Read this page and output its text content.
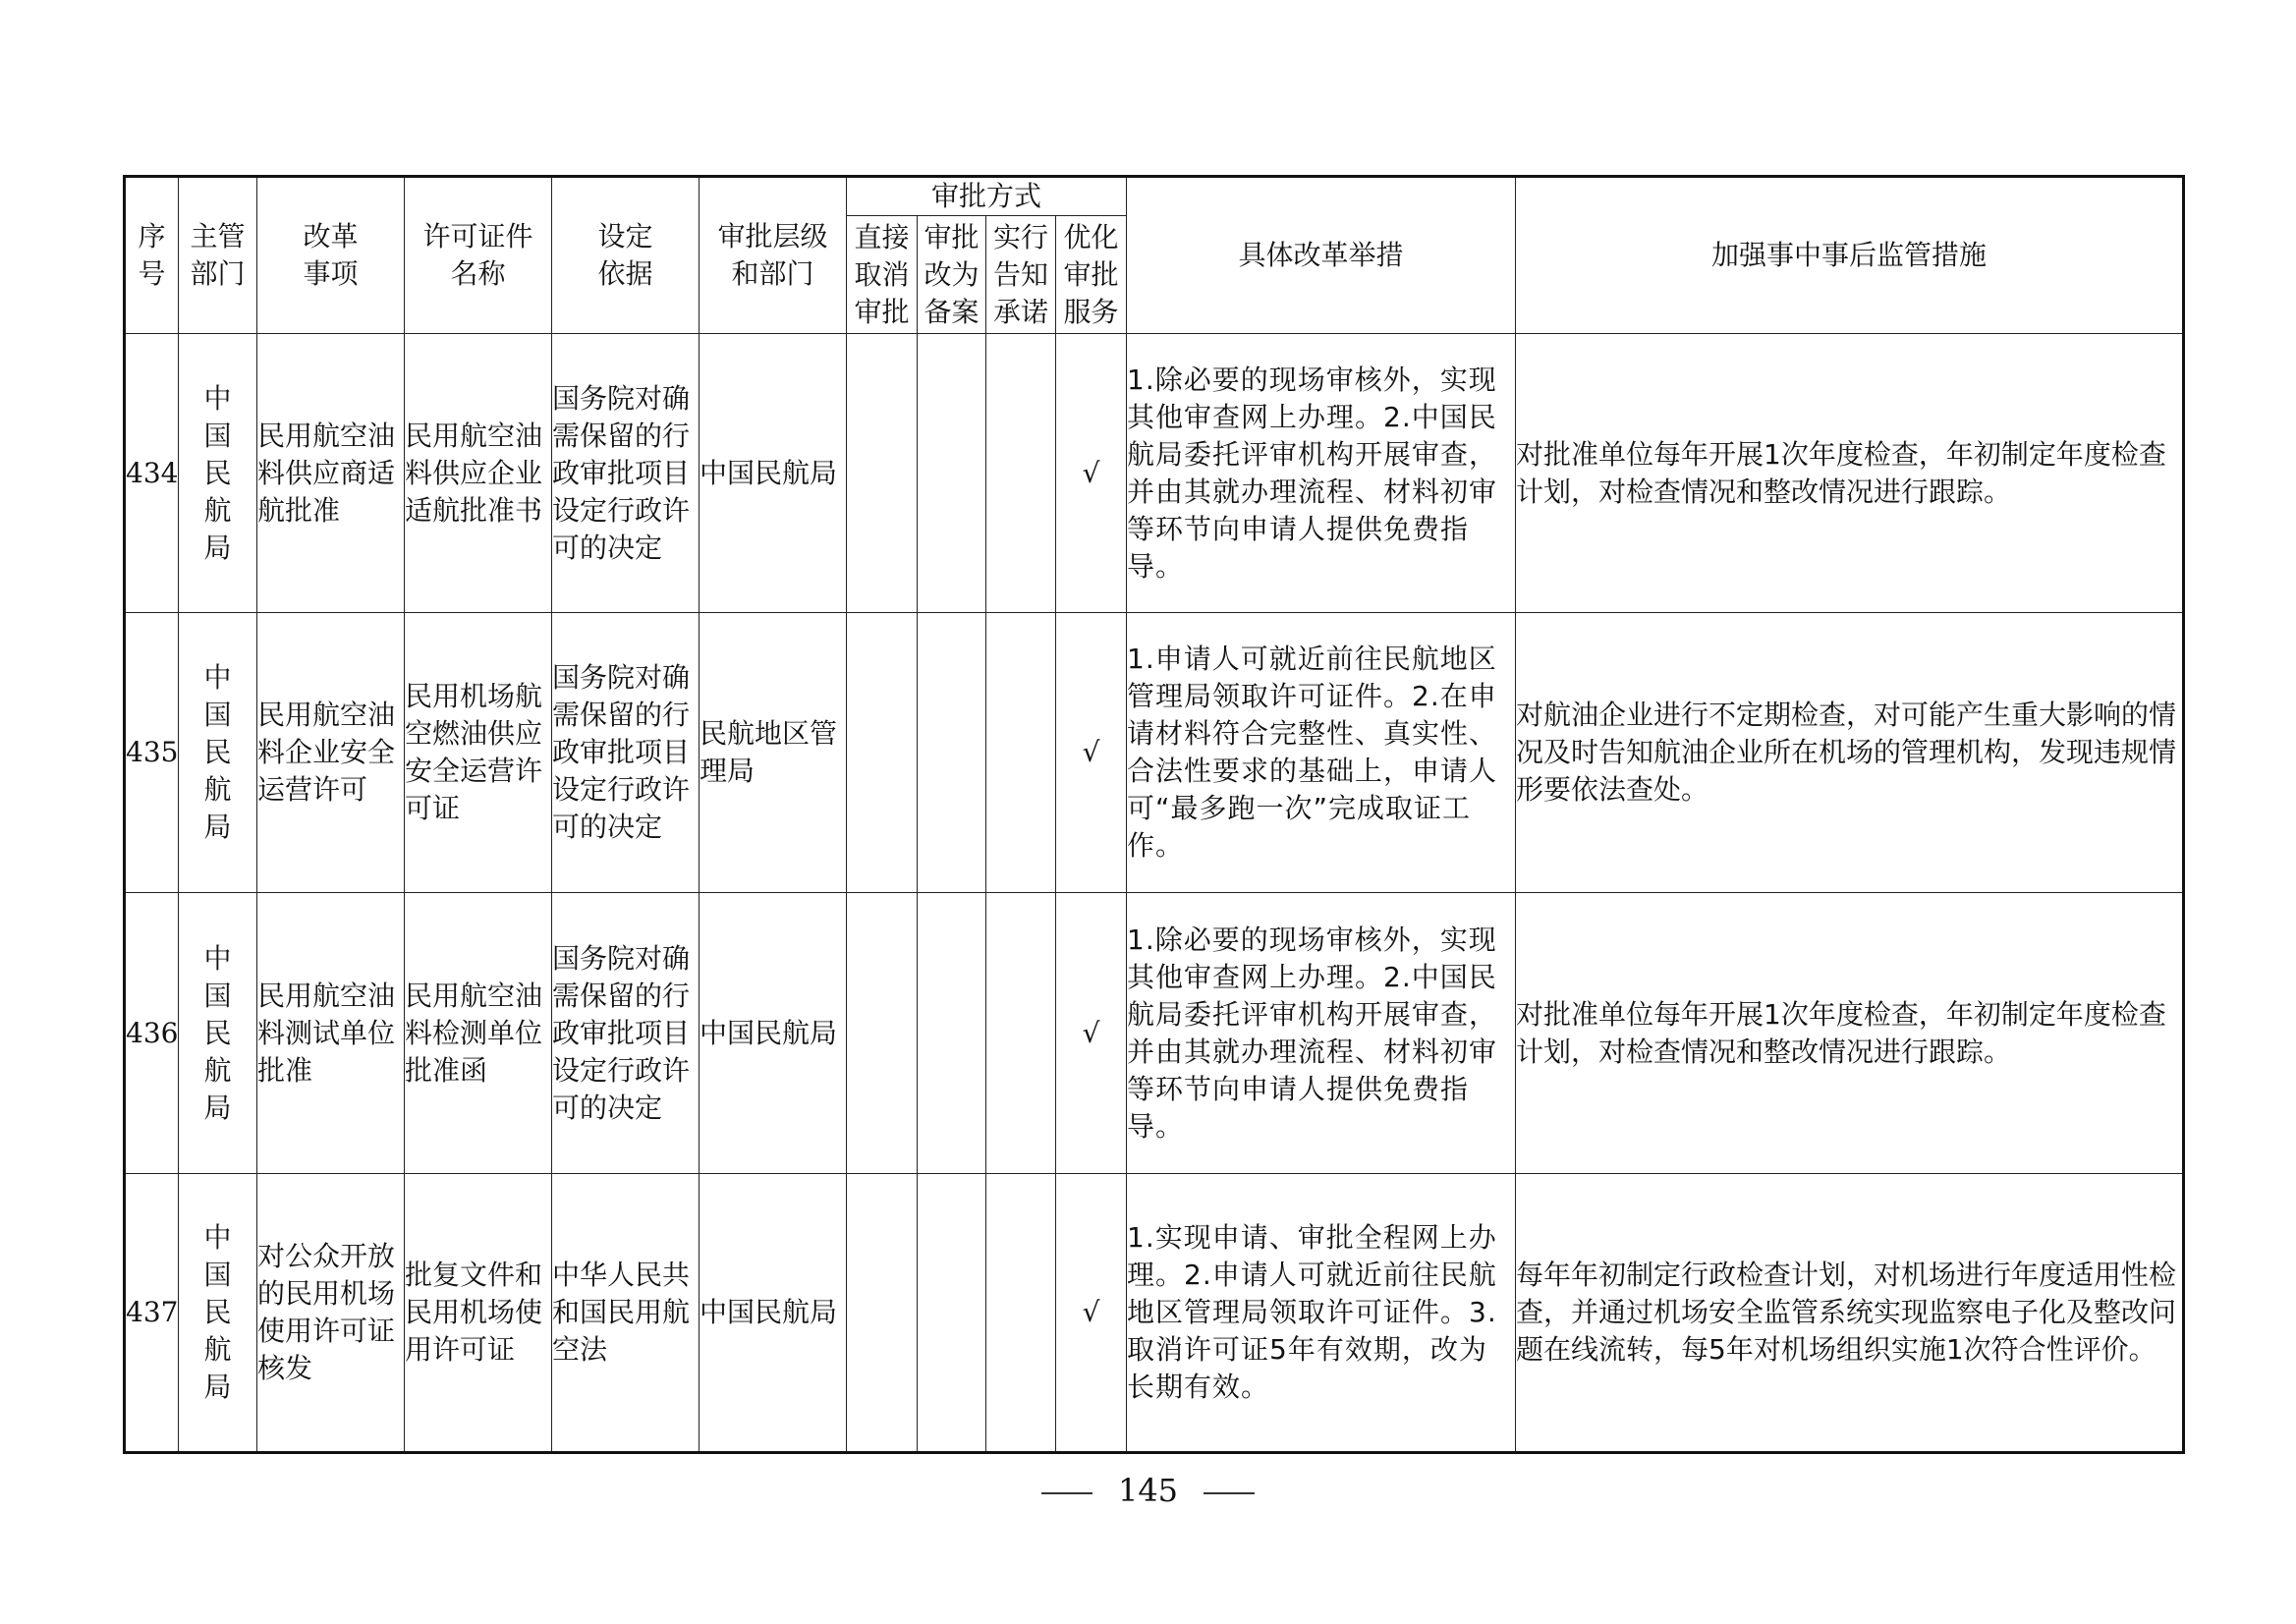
序号	主管部门	改革事项	许可证件名称	设定依据	审批层级和部门	审批方式				具体改革举措	加强事中事后监管措施

						直接取消审批	审批改为备案	实行告知承诺	优化审批服务		

434	中国民航局	民用航空油料供应商适航批准	民用航空油料供应企业适航批准书	国务院对确需保留的行政审批项目设定行政许可的决定	中国民航局				√	1.除必要的现场审核外，实现其他审查网上办理。2.中国民航局委托评审机构开展审查，并由其就办理流程、材料初审等环节向申请人提供免费指导。	对批准单位每年开展1次年度检查，年初制定年度检查计划，对检查情况和整改情况进行跟踪。
435	中国民航局	民用航空油料企业安全运营许可	民用机场航空燃油供应安全运营许可证	国务院对确需保留的行政审批项目设定行政许可的决定	民航地区管理局				√	1.申请人可就近前往民航地区管理局领取许可证件。2.在申请材料符合完整性、真实性、合法性要求的基础上，申请人可“最多跑一次”完成取证工作。	对航油企业进行不定期检查，对可能产生重大影响的情况及时告知航油企业所在机场的管理机构，发现违规情形要依法查处。
436	中国民航局	民用航空油料测试单位批准	民用航空油料检测单位批准函	国务院对确需保留的行政审批项目设定行政许可的决定	中国民航局				√	1.除必要的现场审核外，实现其他审查网上办理。2.中国民航局委托评审机构开展审查，并由其就办理流程、材料初审等环节向申请人提供免费指导。	对批准单位每年开展1次年度检查，年初制定年度检查计划，对检查情况和整改情况进行跟踪。
437	中国民航局	对公众开放的民用机场使用许可证核发	批复文件和民用机场使用许可证	中华人民共和国民用航空法	中国民航局				√	1.实现申请、审批全程网上办理。2.申请人可就近前往民航地区管理局领取许可证件。3.取消许可证5年有效期，改为长期有效。	每年年初制定行政检查计划，对机场进行年度适用性检查，并通过机场安全监管系统实现监察电子化及整改问题在线流转，每5年对机场组织实施1次符合性评价。
145
